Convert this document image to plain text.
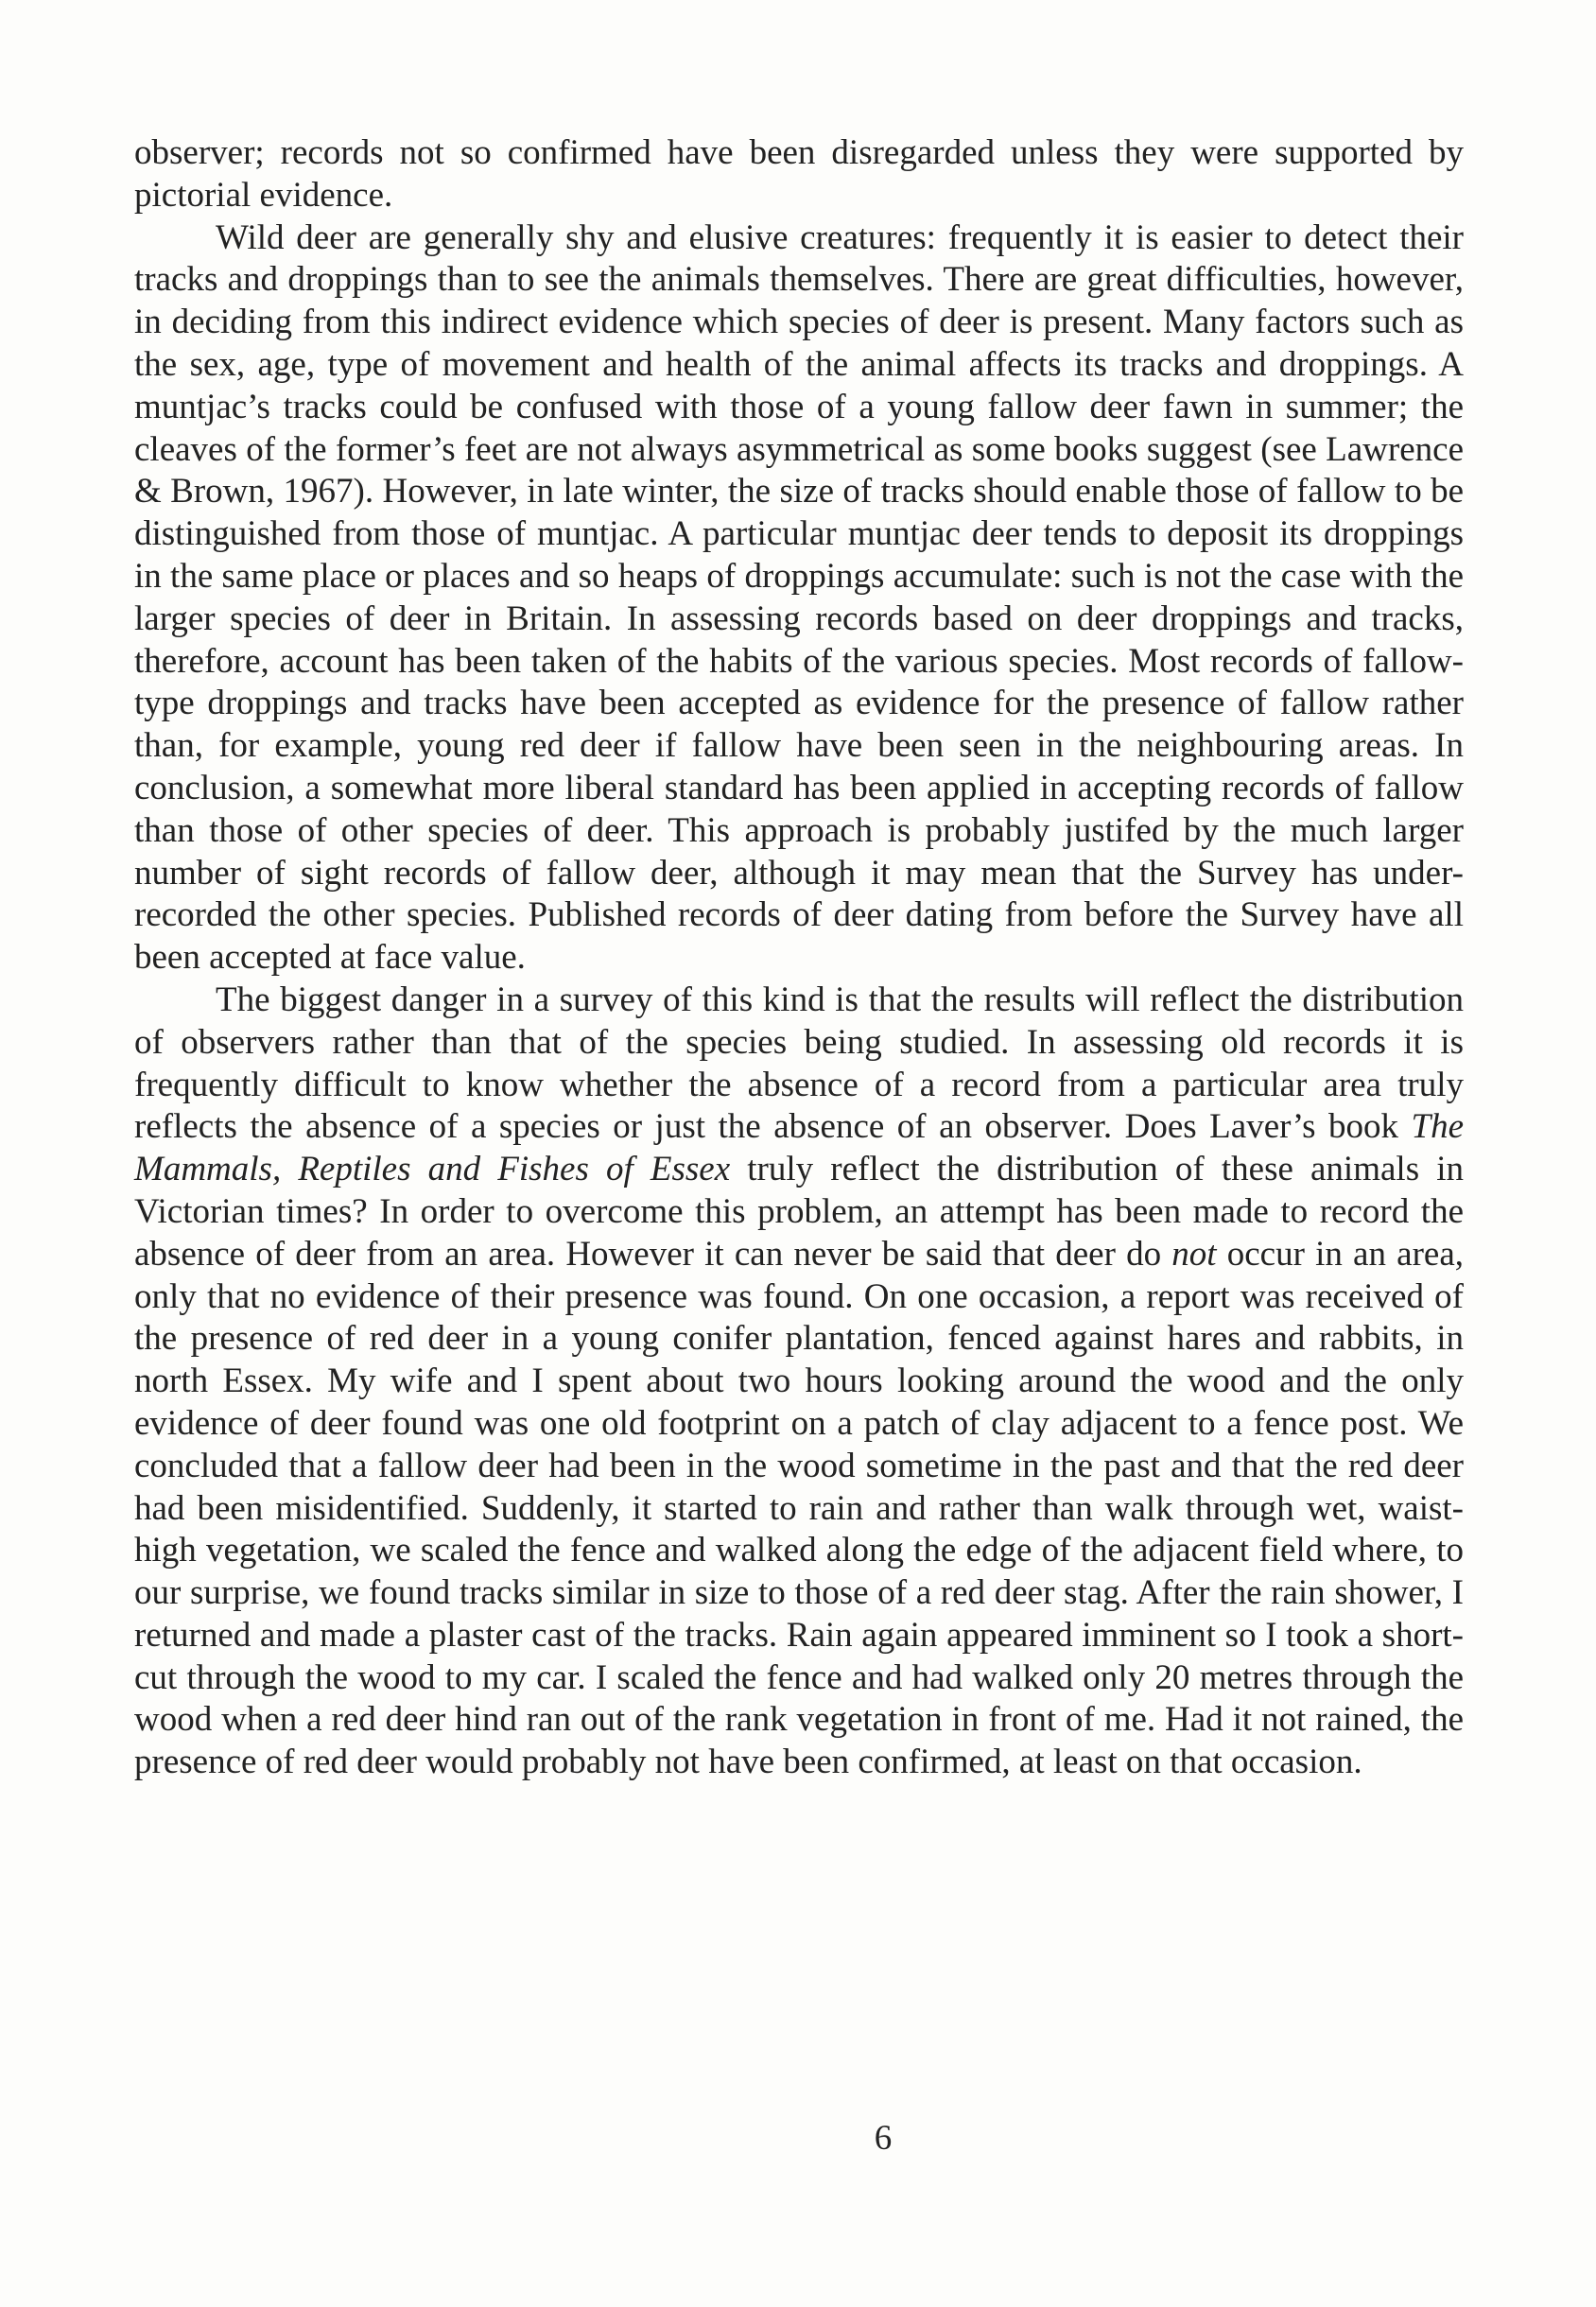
observer; records not so confirmed have been disregarded unless they were supported by pictorial evidence.

Wild deer are generally shy and elusive creatures: frequently it is easier to detect their tracks and droppings than to see the animals themselves. There are great difficulties, however, in deciding from this indirect evidence which species of deer is present. Many factors such as the sex, age, type of movement and health of the animal affects its tracks and droppings. A muntjac’s tracks could be confused with those of a young fallow deer fawn in summer; the cleaves of the former’s feet are not always asymmetrical as some books suggest (see Lawrence & Brown, 1967). However, in late winter, the size of tracks should enable those of fallow to be distinguished from those of muntjac. A particular muntjac deer tends to deposit its droppings in the same place or places and so heaps of droppings accumulate: such is not the case with the larger species of deer in Britain. In assessing records based on deer droppings and tracks, therefore, account has been taken of the habits of the various species. Most records of fallow-type droppings and tracks have been accepted as evidence for the presence of fallow rather than, for example, young red deer if fallow have been seen in the neighbouring areas. In conclusion, a somewhat more liberal standard has been applied in accepting records of fallow than those of other species of deer. This approach is probably justifed by the much larger number of sight records of fallow deer, although it may mean that the Survey has under-recorded the other species. Published records of deer dating from before the Survey have all been accepted at face value.

The biggest danger in a survey of this kind is that the results will reflect the distribution of observers rather than that of the species being studied. In assessing old records it is frequently difficult to know whether the absence of a record from a particular area truly reflects the absence of a species or just the absence of an observer. Does Laver’s book The Mammals, Reptiles and Fishes of Essex truly reflect the distribution of these animals in Victorian times? In order to overcome this problem, an attempt has been made to record the absence of deer from an area. However it can never be said that deer do not occur in an area, only that no evidence of their presence was found. On one occasion, a report was received of the presence of red deer in a young conifer plantation, fenced against hares and rabbits, in north Essex. My wife and I spent about two hours looking around the wood and the only evidence of deer found was one old footprint on a patch of clay adjacent to a fence post. We concluded that a fallow deer had been in the wood sometime in the past and that the red deer had been misidentified. Suddenly, it started to rain and rather than walk through wet, waist-high vegetation, we scaled the fence and walked along the edge of the adjacent field where, to our surprise, we found tracks similar in size to those of a red deer stag. After the rain shower, I returned and made a plaster cast of the tracks. Rain again appeared imminent so I took a short-cut through the wood to my car. I scaled the fence and had walked only 20 metres through the wood when a red deer hind ran out of the rank vegetation in front of me. Had it not rained, the presence of red deer would probably not have been confirmed, at least on that occasion.

6
